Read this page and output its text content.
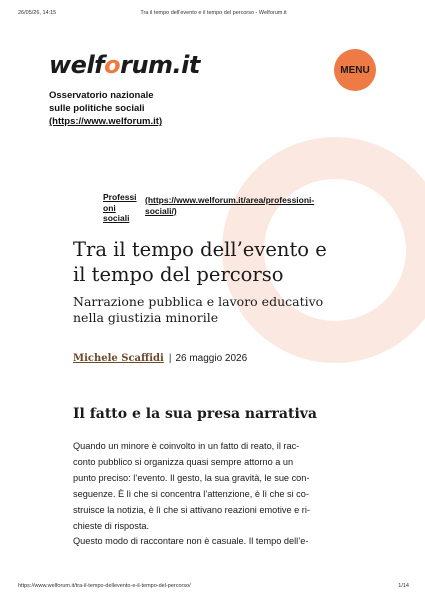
26/05/26, 14:15	Tra il tempo dell'evento e il tempo del percorso - Welforum.it
welforum.it	MENU
Osservatorio nazionale
sulle politiche sociali
(https://www.welforum.it)
Professi
oni
sociali
(https://www.welforum.it/area/professioni-
sociali/)
Tra il tempo dell’evento e
il tempo del percorso
Narrazione pubblica e lavoro educativo
nella giustizia minorile
Michele Scaffidi | 26 maggio 2026
Il fatto e la sua presa narrativa
Quando un minore è coinvolto in un fatto di reato, il rac-
conto pubblico si organizza quasi sempre attorno a un
punto preciso: l’evento. Il gesto, la sua gravità, le sue con-
seguenze. È lì che si concentra l’attenzione, è lì che si co-
struisce la notizia, è lì che si attivano reazioni emotive e ri-
chieste di risposta.
Questo modo di raccontare non è casuale. Il tempo dell’e-
https://www.welforum.it/tra-il-tempo-dellevento-e-il-tempo-del-percorso/	1/14
